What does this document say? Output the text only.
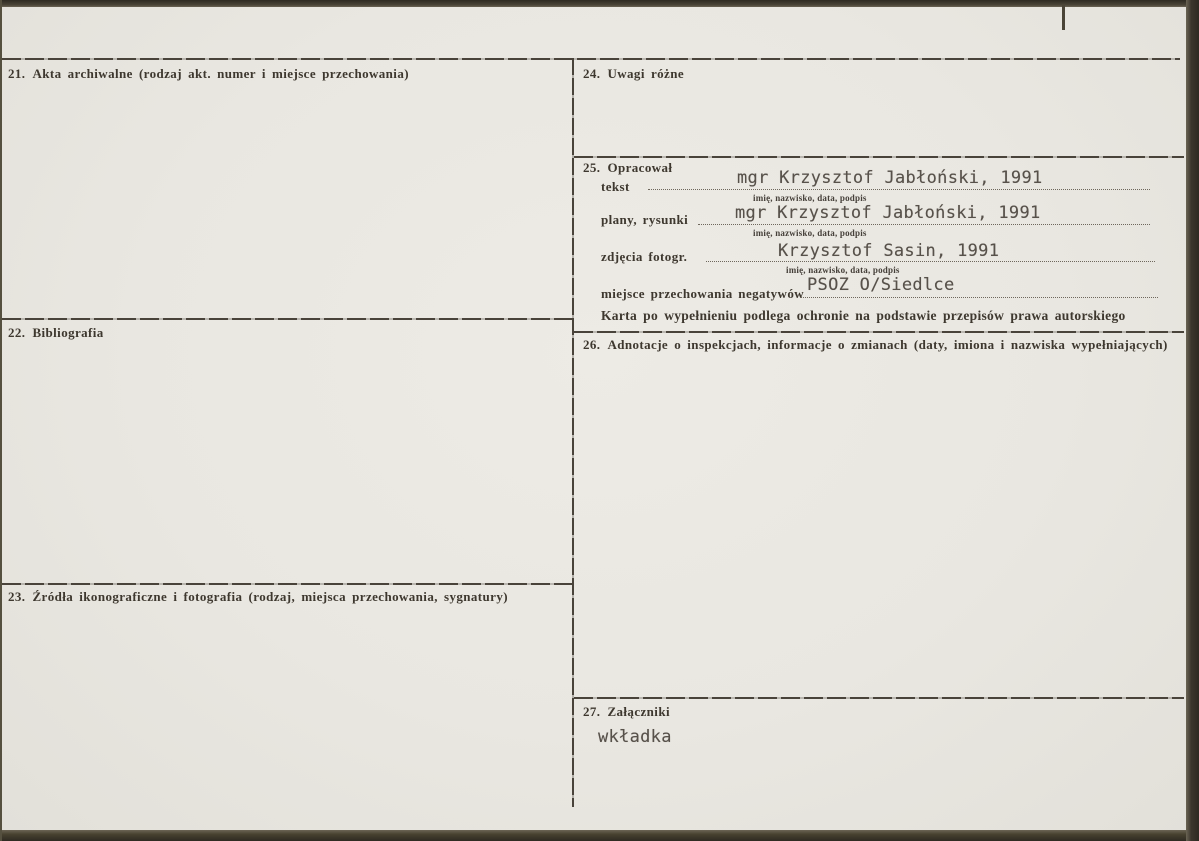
21. Akta archiwalne (rodzaj akt. numer i miejsce przechowania)
22. Bibliografia
23. Źródła ikonograficzne i fotografia (rodzaj, miejsca przechowania, sygnatury)
24. Uwagi różne
25. Opracował
26. Adnotacje o inspekcjach, informacje o zmianach (daty, imiona i nazwiska wypełniających)
27. Załączniki
tekst	mgr Krzysztof Jabłoński, 1991
imię, nazwisko, data, podpis
plany, rysunki	mgr Krzysztof Jabłoński, 1991
imię, nazwisko, data, podpis
zdjęcia fotogr.	Krzysztof Sasin, 1991
imię, nazwisko, data, podpis
miejsce przechowania negatywów PSOZ O/Siedlce
Karta po wypełnieniu podlega ochronie na podstawie przepisów prawa autorskiego
wkładka
